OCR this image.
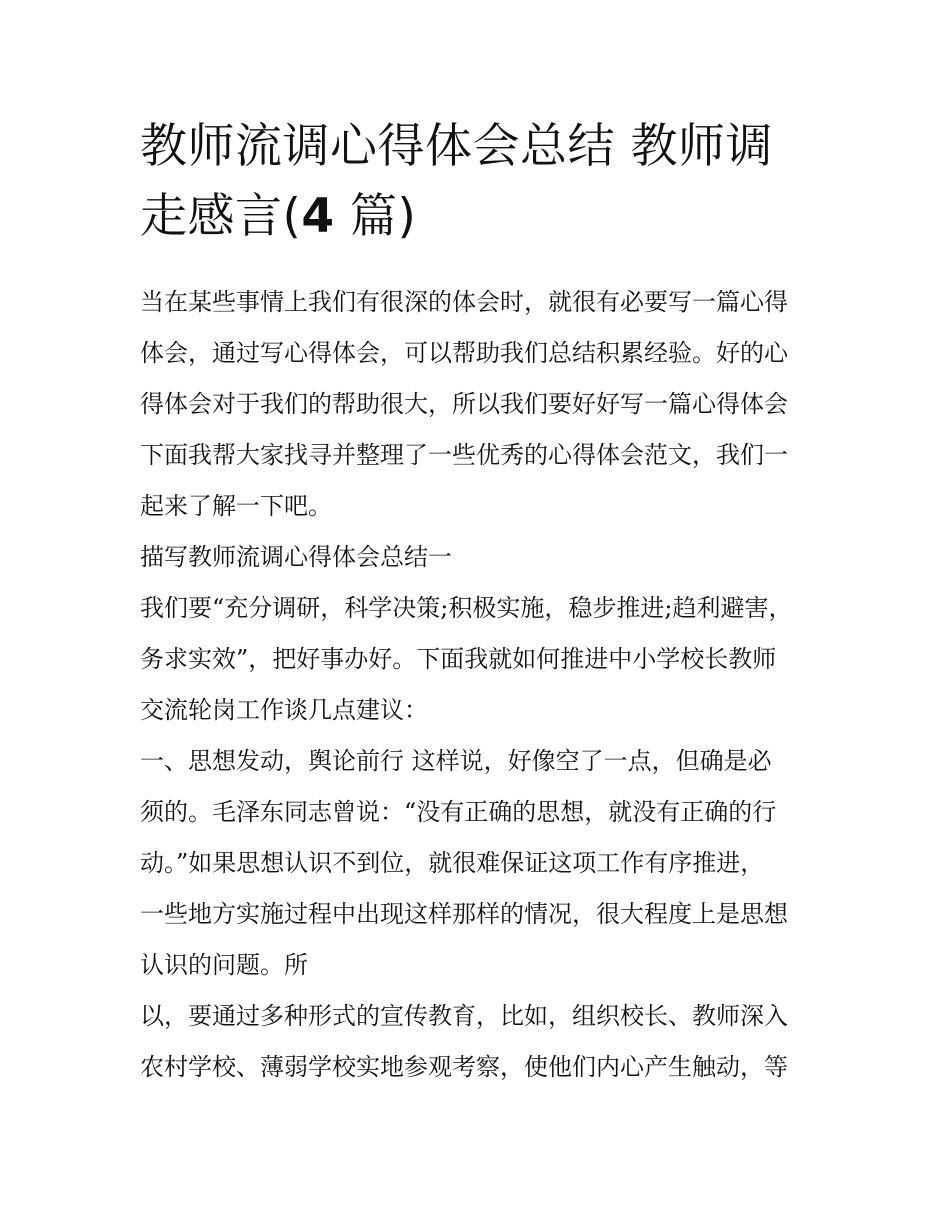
教师流调心得体会总结 教师调
走感言(4 篇)
当在某些事情上我们有很深的体会时，就很有必要写一篇心得
体会，通过写心得体会，可以帮助我们总结积累经验。好的心
得体会对于我们的帮助很大，所以我们要好好写一篇心得体会
下面我帮大家找寻并整理了一些优秀的心得体会范文，我们一
起来了解一下吧。
描写教师流调心得体会总结一
我们要“充分调研，科学决策;积极实施，稳步推进;趋利避害，
务求实效”，把好事办好。下面我就如何推进中小学校长教师
交流轮岗工作谈几点建议：
一、思想发动，舆论前行 这样说，好像空了一点，但确是必
须的。毛泽东同志曾说：“没有正确的思想，就没有正确的行
动。”如果思想认识不到位，就很难保证这项工作有序推进，
一些地方实施过程中出现这样那样的情况，很大程度上是思想
认识的问题。所
以，要通过多种形式的宣传教育，比如，组织校长、教师深入
农村学校、薄弱学校实地参观考察，使他们内心产生触动，等
